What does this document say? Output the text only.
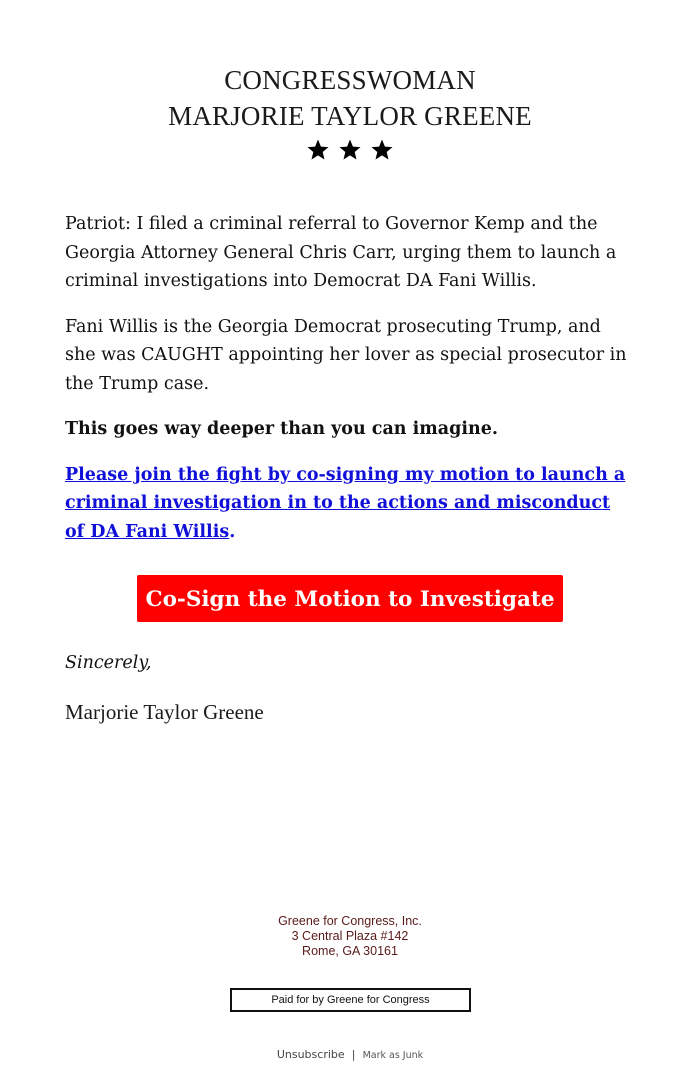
CONGRESSWOMAN
MARJORIE TAYLOR GREENE

Patriot: I filed a criminal referral to Governor Kemp and the Georgia Attorney General Chris Carr, urging them to launch a criminal investigations into Democrat DA Fani Willis.

Fani Willis is the Georgia Democrat prosecuting Trump, and she was CAUGHT appointing her lover as special prosecutor in the Trump case.

This goes way deeper than you can imagine.

Please join the fight by co-signing my motion to launch a criminal investigation in to the actions and misconduct of DA Fani Willis.

Co-Sign the Motion to Investigate
Sincerely,
Marjorie Taylor Greene
Greene for Congress, Inc.
3 Central Plaza #142
Rome, GA 30161
Paid for by Greene for Congress
Unsubscribe | Mark as Junk
